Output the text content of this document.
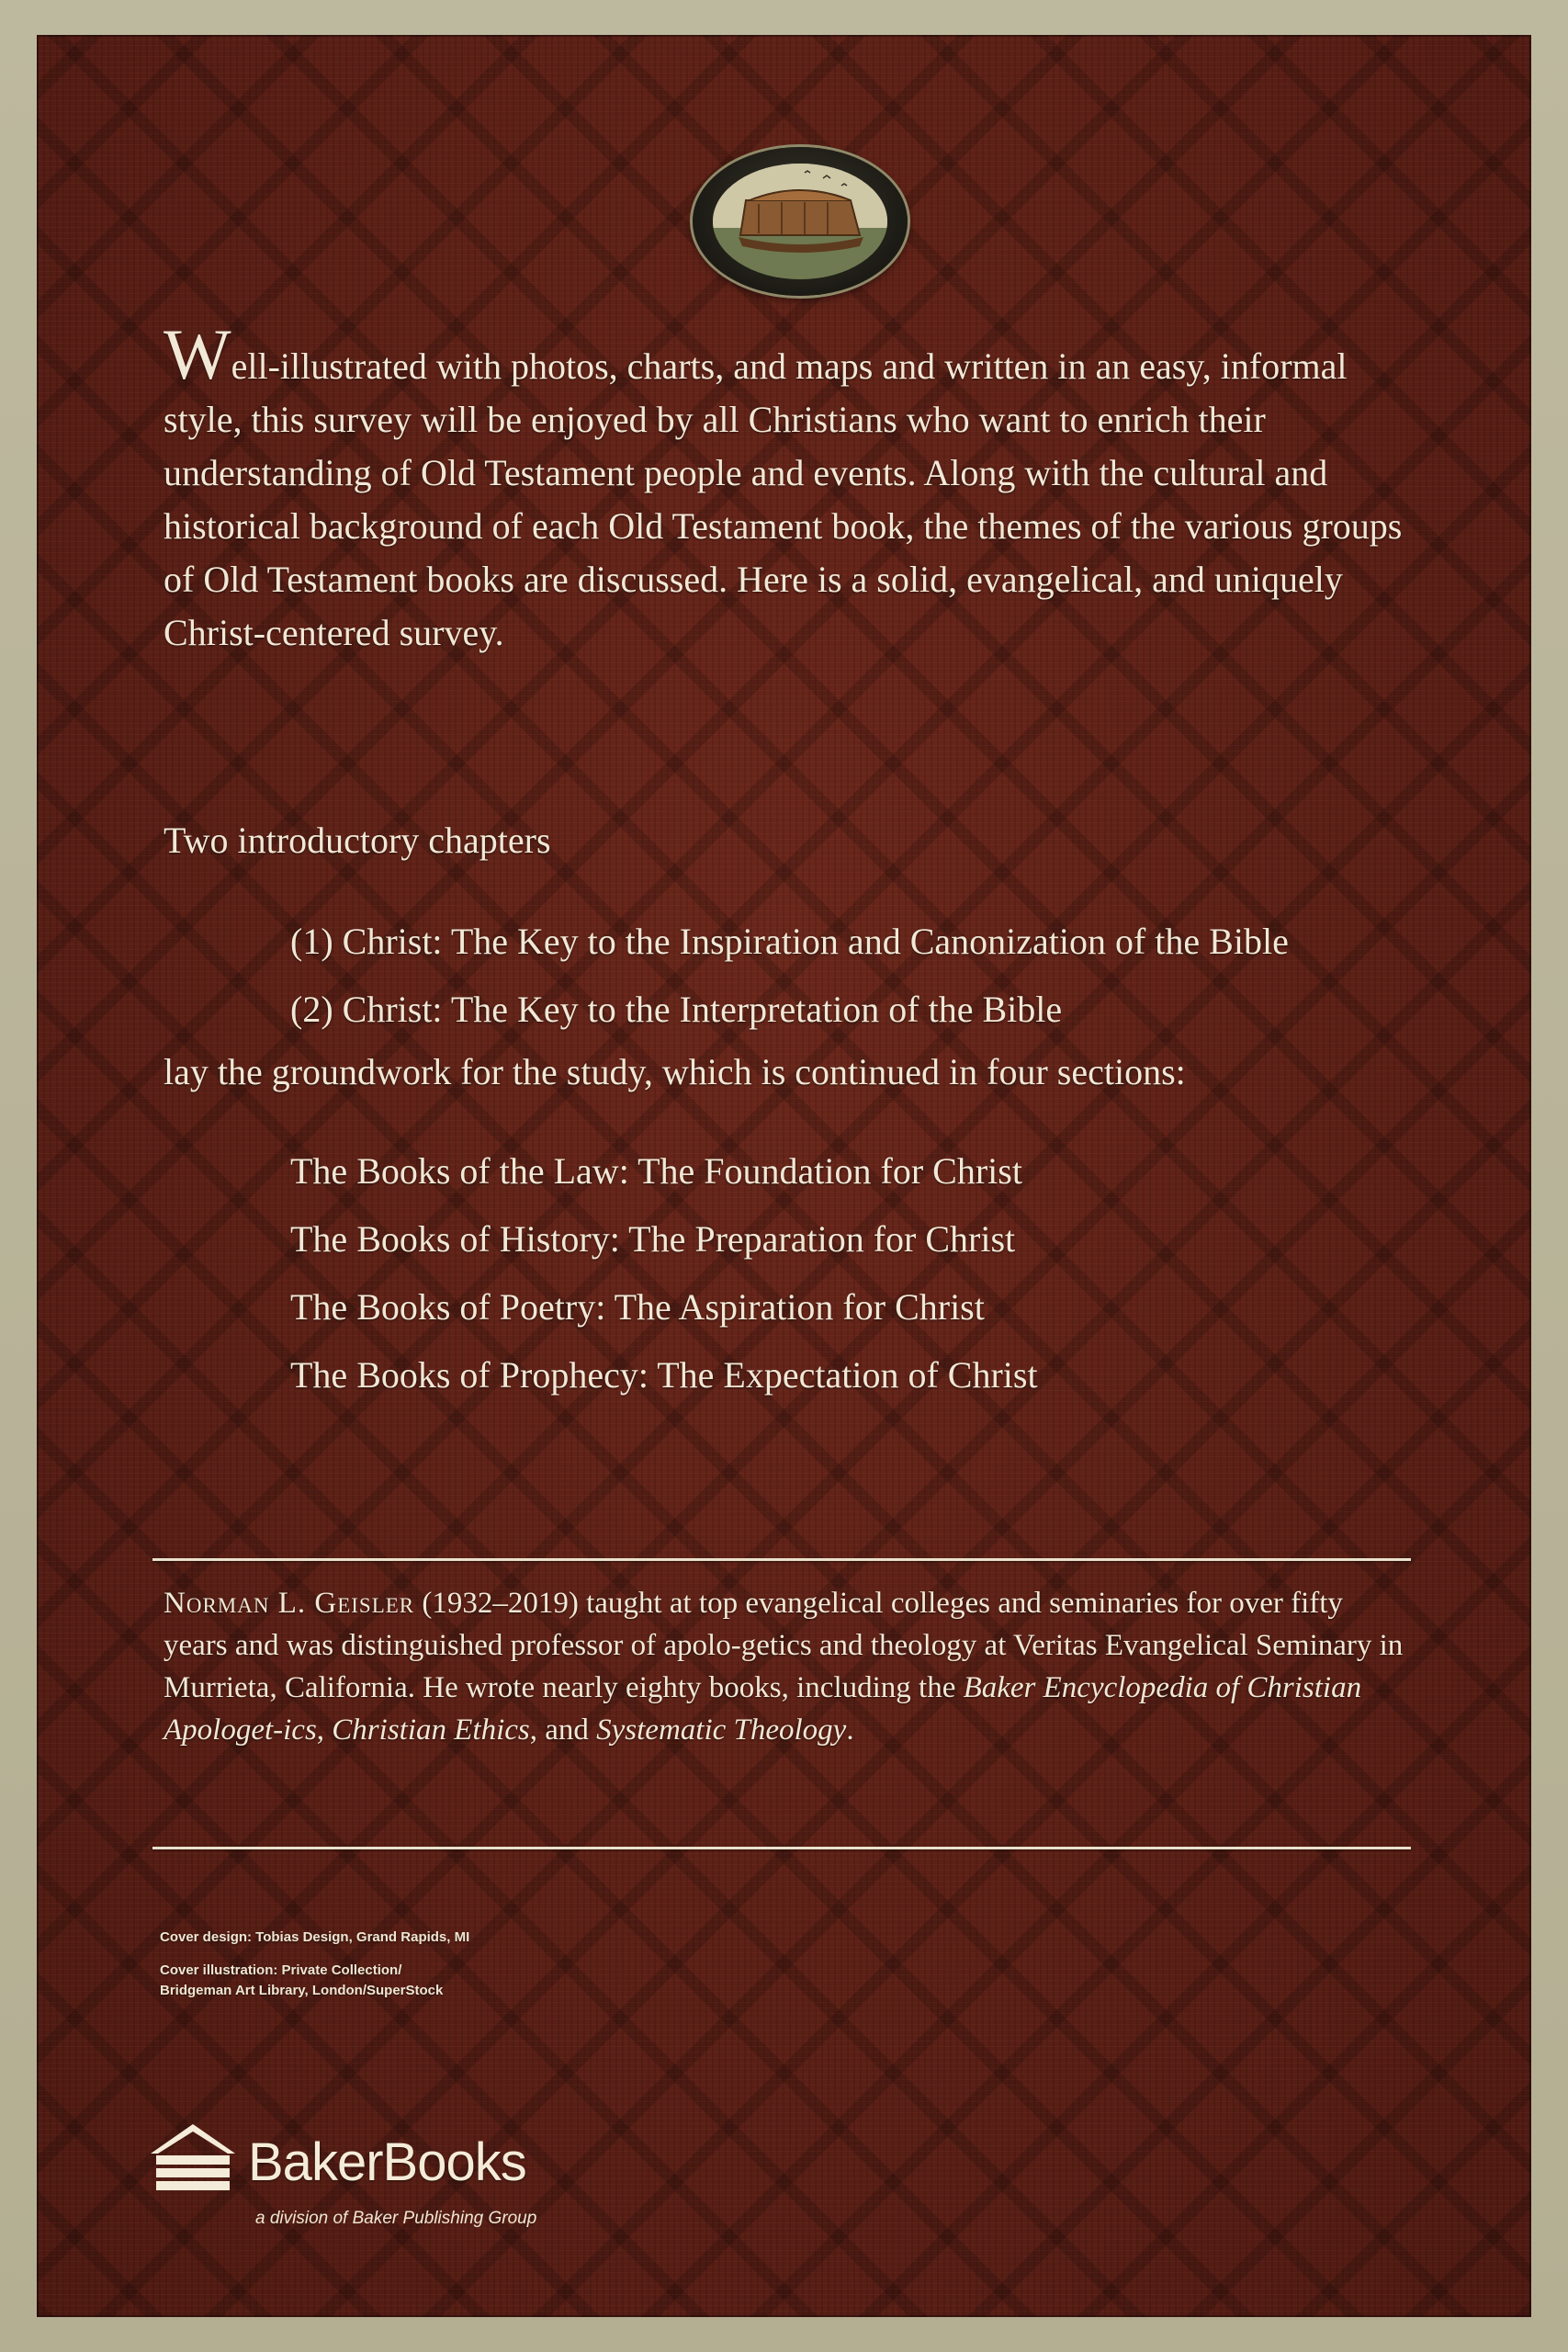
Well-illustrated with photos, charts, and maps and written in an easy, informal style, this survey will be enjoyed by all Christians who want to enrich their understanding of Old Testament people and events. Along with the cultural and historical background of each Old Testament book, the themes of the various groups of Old Testament books are discussed. Here is a solid, evangelical, and uniquely Christ-centered survey.
Two introductory chapters
(1) Christ: The Key to the Inspiration and Canonization of the Bible
(2) Christ: The Key to the Interpretation of the Bible
lay the groundwork for the study, which is continued in four sections:
The Books of the Law: The Foundation for Christ
The Books of History: The Preparation for Christ
The Books of Poetry: The Aspiration for Christ
The Books of Prophecy: The Expectation of Christ
Norman L. Geisler (1932–2019) taught at top evangelical colleges and seminaries for over fifty years and was distinguished professor of apolo-getics and theology at Veritas Evangelical Seminary in Murrieta, California. He wrote nearly eighty books, including the Baker Encyclopedia of Christian Apologet-ics, Christian Ethics, and Systematic Theology.
Cover design: Tobias Design, Grand Rapids, MI
Cover illustration: Private Collection/
Bridgeman Art Library, London/SuperStock
BakerBooks
a division of Baker Publishing Group
